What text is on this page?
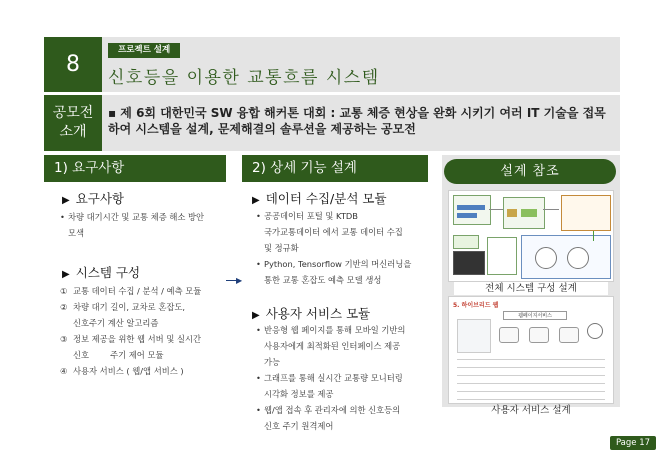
8
프로젝트 설계
신호등을 이용한 교통흐름 시스템
공모전
소개
▪ 제 6회 대한민국 SW 융합 해커톤 대회 : 교통 체증 현상을 완화 시키기 여러 IT 기술을 접목하여 시스템을 설계, 문제해결의 솔루션을 제공하는 공모전
1) 요구사항
▶ 요구사항
• 차량 대기시간 및 교통 체증 해소 방안
모색
▶ 시스템 구성
① 교통 데이터 수집 / 분석 / 예측 모듈
② 차량 대기 길이, 교차로 혼잡도,
신호주기 계산 알고리즘
③ 정보 제공을 위한 웹 서버 및 실시간
신호        주기 제어 모듈
④ 사용자 서비스 ( 웹/앱 서비스 )
▶
2) 상세 기능 설계
▶ 데이터 수집/분석 모듈
• 공공데이터 포털 및 KTDB
국가교통데이터 에서 교통 데이터 수집
및 정규화
• Python, Tensorflow 기반의 머신러닝을
통한 교통 혼잡도 예측 모델 생성
▶ 사용자 서비스 모듈
• 반응형 웹 페이지를 통해 모바일 기반의
사용자에게 최적화된 인터페이스 제공
가능
• 그래프를 통해 실시간 교통량 모니터링
시각화 정보를 제공
• 웹/앱 접속 후 관리자에 의한 신호등의
신호 주기 원격제어
설계 참조
전체 시스템 구성 설계
5. 하이브리드 웹
웹페이지서비스
사용자 서비스 설계
Page 17
